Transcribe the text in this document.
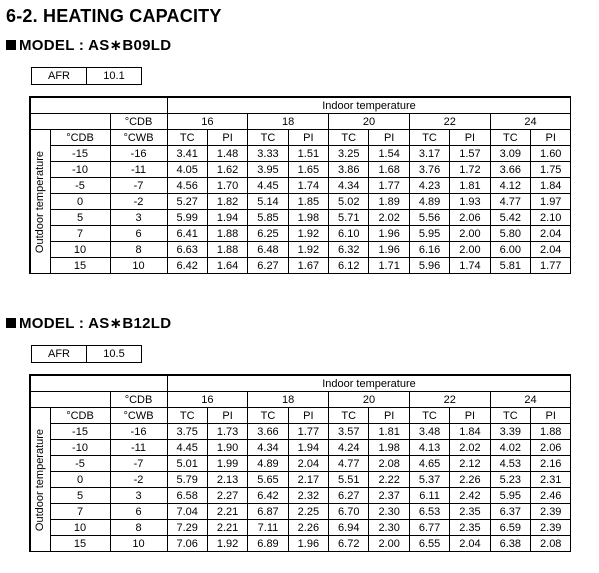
6-2. HEATING CAPACITY
MODEL : AS∗B09LD
AFR	10.1
			Indoor temperature									
		°CDB	16		18		20		22		24	

Outdoor temperature	°CDB	°CWB	TC	PI	TC	PI	TC	PI	TC	PI	TC	PI
	-15	-16	3.41	1.48	3.33	1.51	3.25	1.54	3.17	1.57	3.09	1.60
	-10	-11	4.05	1.62	3.95	1.65	3.86	1.68	3.76	1.72	3.66	1.75
	-5	-7	4.56	1.70	4.45	1.74	4.34	1.77	4.23	1.81	4.12	1.84
	0	-2	5.27	1.82	5.14	1.85	5.02	1.89	4.89	1.93	4.77	1.97
	5	3	5.99	1.94	5.85	1.98	5.71	2.02	5.56	2.06	5.42	2.10
	7	6	6.41	1.88	6.25	1.92	6.10	1.96	5.95	2.00	5.80	2.04
	10	8	6.63	1.88	6.48	1.92	6.32	1.96	6.16	2.00	6.00	2.04
	15	10	6.42	1.64	6.27	1.67	6.12	1.71	5.96	1.74	5.81	1.77
MODEL : AS∗B12LD
AFR	10.5
			Indoor temperature									
		°CDB	16		18		20		22		24	

Outdoor temperature	°CDB	°CWB	TC	PI	TC	PI	TC	PI	TC	PI	TC	PI
	-15	-16	3.75	1.73	3.66	1.77	3.57	1.81	3.48	1.84	3.39	1.88
	-10	-11	4.45	1.90	4.34	1.94	4.24	1.98	4.13	2.02	4.02	2.06
	-5	-7	5.01	1.99	4.89	2.04	4.77	2.08	4.65	2.12	4.53	2.16
	0	-2	5.79	2.13	5.65	2.17	5.51	2.22	5.37	2.26	5.23	2.31
	5	3	6.58	2.27	6.42	2.32	6.27	2.37	6.11	2.42	5.95	2.46
	7	6	7.04	2.21	6.87	2.25	6.70	2.30	6.53	2.35	6.37	2.39
	10	8	7.29	2.21	7.11	2.26	6.94	2.30	6.77	2.35	6.59	2.39
	15	10	7.06	1.92	6.89	1.96	6.72	2.00	6.55	2.04	6.38	2.08
